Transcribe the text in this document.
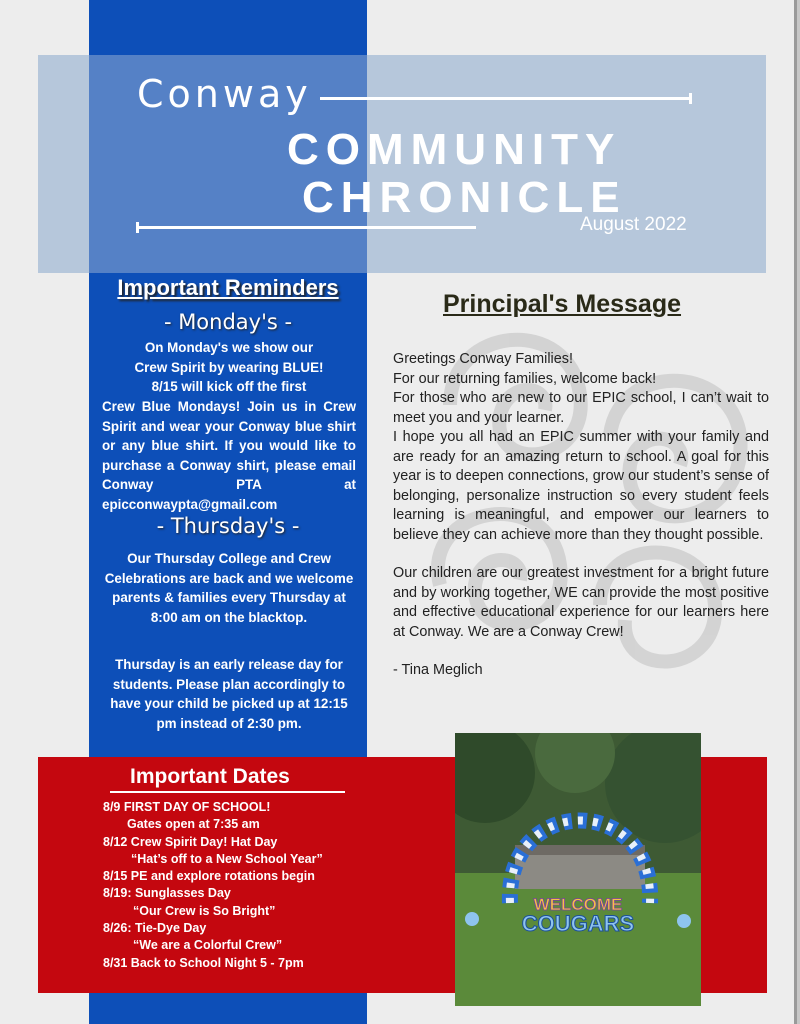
Conway
COMMUNITY
CHRONICLE
August 2022
Important Reminders
- Monday's -
On Monday's we show our
Crew Spirit by wearing BLUE!
8/15 will kick off the first
Crew Blue Mondays! Join us in Crew Spirit and wear your Conway blue shirt or any blue shirt. If you would like to purchase a Conway shirt, please email Conway PTA at epicconwaypta@gmail.com
- Thursday's -
Our Thursday College and Crew Celebrations are back and we welcome parents & families every Thursday at 8:00 am on the blacktop.
Thursday is an early release day for students. Please plan accordingly to have your child be picked up at 12:15 pm instead of 2:30 pm.
Principal's Message
Greetings Conway Families!
For our returning families, welcome back!

For those who are new to our EPIC school, I can’t wait to meet you and your learner.

I hope you all had an EPIC summer with your family and are ready for an amazing return to school. A goal for this year is to deepen connections, grow our student’s sense of belonging, personalize instruction so every student feels learning is meaningful, and empower our learners to believe they can achieve more than they thought possible.

Our children are our greatest investment for a bright future and by working together, WE can provide the most positive and effective educational experience for our learners here at Conway. We are a Conway Crew!

- Tina Meglich
Important Dates
8/9 FIRST DAY OF SCHOOL!
Gates open at 7:35 am
8/12 Crew Spirit Day! Hat Day
“Hat’s off to a New School Year”
8/15 PE and explore rotations begin
8/19: Sunglasses Day
“Our Crew is So Bright”
8/26: Tie-Dye Day
“We are a Colorful Crew”
8/31 Back to School Night 5 - 7pm
WELCOME
COUGARS
